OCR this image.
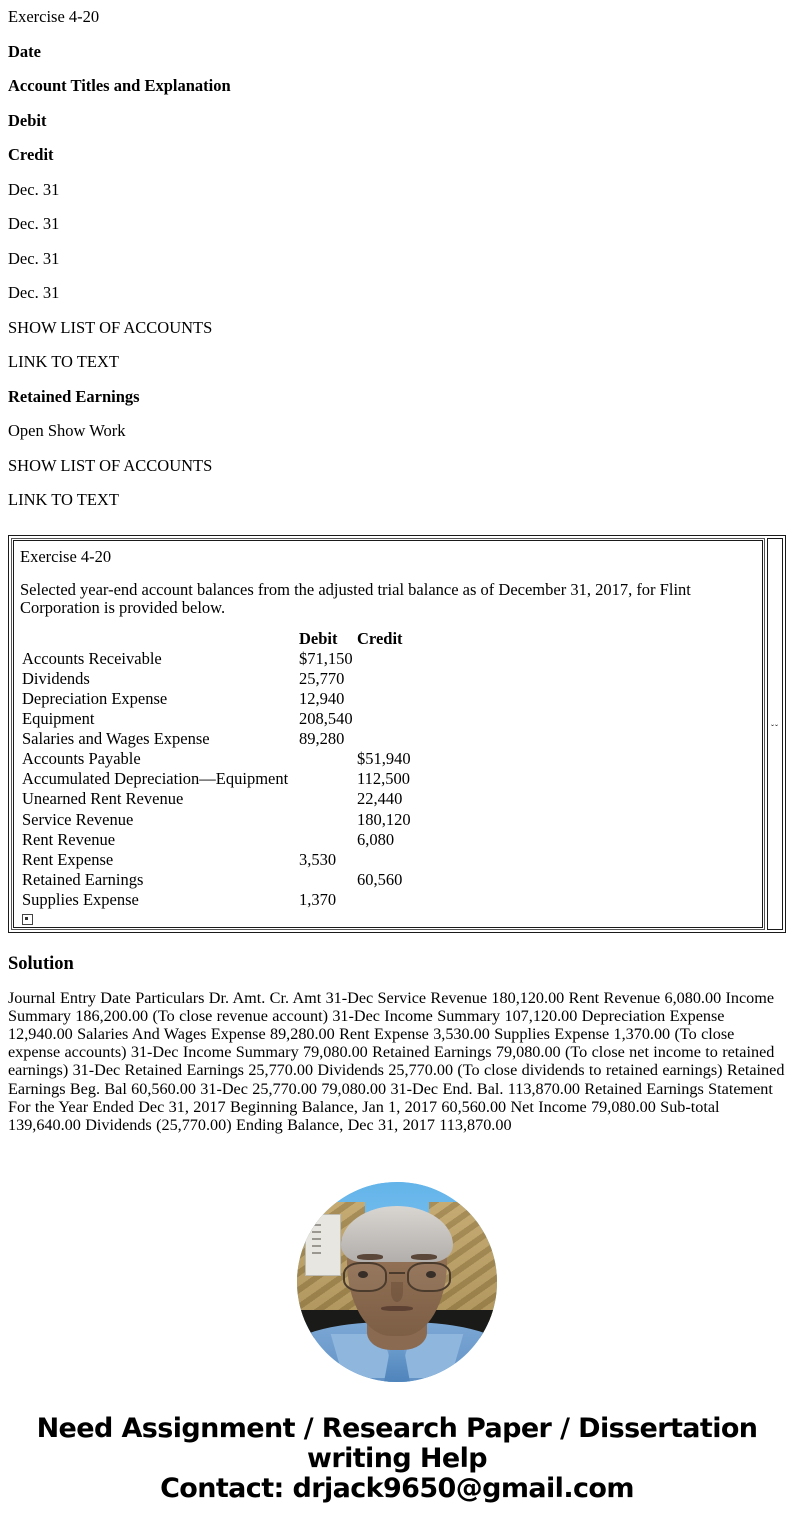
Exercise 4-20
Date
Account Titles and Explanation
Debit
Credit
Dec. 31
Dec. 31
Dec. 31
Dec. 31
SHOW LIST OF ACCOUNTS
LINK TO TEXT
Retained Earnings
Open Show Work
SHOW LIST OF ACCOUNTS
LINK TO TEXT
Exercise 4-20
Selected year-end account balances from the adjusted trial balance as of December 31, 2017, for Flint Corporation is provided below.
	Debit	Credit
Accounts Receivable	$71,150	
Dividends	25,770	
Depreciation Expense	12,940	
Equipment	208,540	
Salaries and Wages Expense	89,280	
Accounts Payable		$51,940
Accumulated Depreciation—Equipment		112,500
Unearned Rent Revenue		22,440
Service Revenue		180,120
Rent Revenue		6,080
Rent Expense	3,530	
Retained Earnings		60,560
Supplies Expense	1,370	
ˇˇ
Solution

Journal Entry Date Particulars Dr. Amt. Cr. Amt 31-Dec Service Revenue 180,120.00 Rent Revenue 6,080.00 Income Summary 186,200.00 (To close revenue account) 31-Dec Income Summary 107,120.00 Depreciation Expense 12,940.00 Salaries And Wages Expense 89,280.00 Rent Expense 3,530.00 Supplies Expense 1,370.00 (To close expense accounts) 31-Dec Income Summary 79,080.00 Retained Earnings 79,080.00 (To close net income to retained earnings) 31-Dec Retained Earnings 25,770.00 Dividends 25,770.00 (To close dividends to retained earnings) Retained Earnings Beg. Bal 60,560.00 31-Dec 25,770.00 79,080.00 31-Dec End. Bal. 113,870.00 Retained Earnings Statement For the Year Ended Dec 31, 2017 Beginning Balance, Jan 1, 2017 60,560.00 Net Income 79,080.00 Sub-total 139,640.00 Dividends (25,770.00) Ending Balance, Dec 31, 2017 113,870.00

Need Assignment / Research Paper / Dissertation writing Help
Contact: drjack9650@gmail.com
